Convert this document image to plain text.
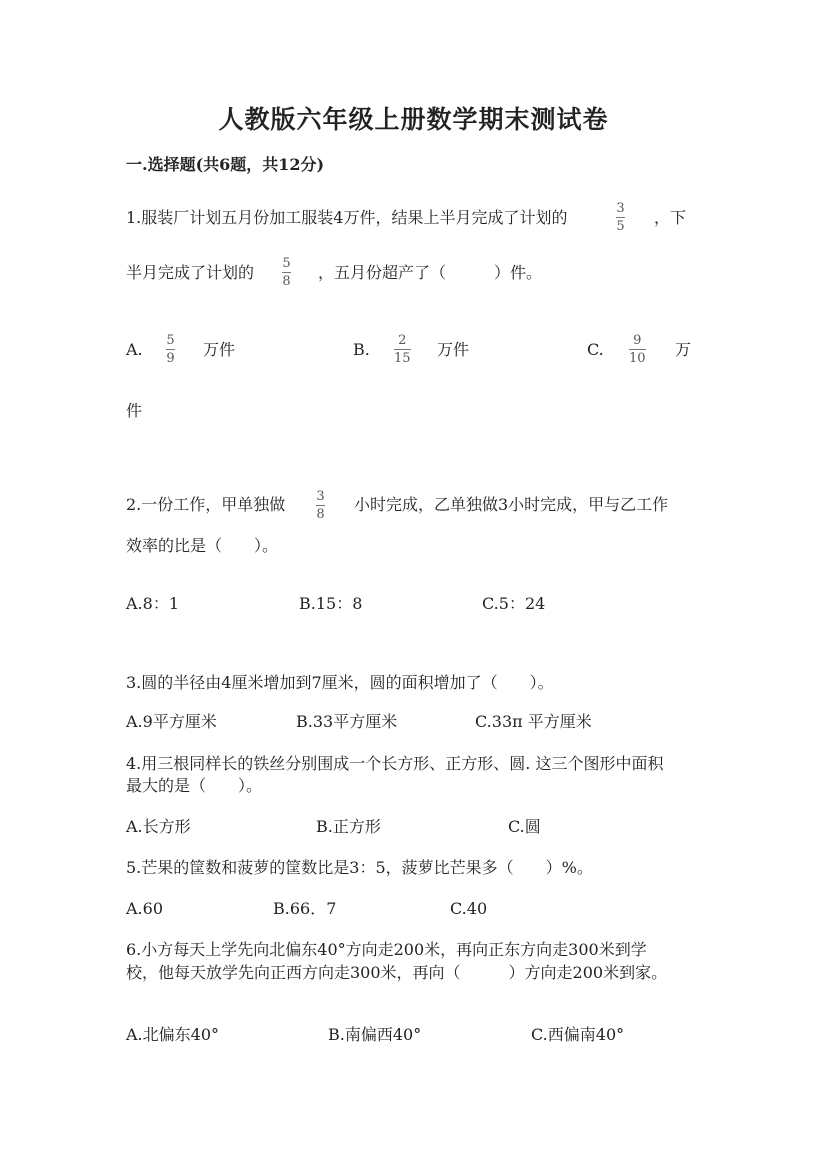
人教版六年级上册数学期末测试卷
一.选择题(共6题，共12分)
1.服装厂计划五月份加工服装4万件，结果上半月完成了计划的	3
5 ，下
半月完成了计划的 5
8 ，五月份超产了（　　　）件。
A. 5
9 万件	B. 2
15 万件	C. 9
10 万
件
2.一份工作，甲单独做 3
8
小时完成，乙单独做3小时完成，甲与乙工作
效率的比是（　　）。
A.8：1	B.15：8	C.5：24
3.圆的半径由4厘米增加到7厘米，圆的面积增加了（　　）。
A.9平方厘米	B.33平方厘米	C.33π 平方厘米
4.用三根同样长的铁丝分别围成一个长方形、正方形、圆. 这三个图形中面积
最大的是（　　）。
A.长方形	B.正方形	C.圆
5.芒果的筐数和菠萝的筐数比是3：5，菠萝比芒果多（　　）%。
A.60	B.66．7	C.40
6.小方每天上学先向北偏东40°方向走200米，再向正东方向走300米到学
校，他每天放学先向正西方向走300米，再向（　　　）方向走200米到家。
A.北偏东40°	B.南偏西40°	C.西偏南40°
